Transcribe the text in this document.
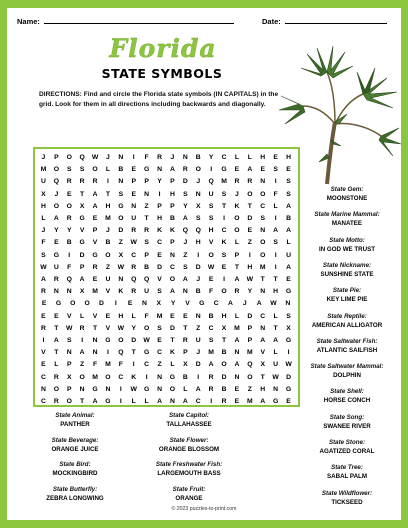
Name:	Date:
Florida
STATE SYMBOLS
DIRECTIONS: Find and circle the Florida state symbols (IN CAPITALS) in the grid. Look for them in all directions including backwards and diagonally.
J	P	O	Q	W	J	N	I	F	R	J	N	B	Y	C	L	L	H	E	H
M	O	S	S	O	L	B	E	G	N	A	R	O	I	G	E	A	E	S	E
U	Q	R	R	R	I	N	P	P	Y	P	D	J	Q	M	R	R	N	I	S
X	J	E	T	A	T	S	E	N	I	H	S	N	U	S	J	O	O	F	S
H	O	O	X	A	H	G	N	Z	P	P	Y	X	S	T	K	T	C	L	A
L	A	R	G	E	M	O	U	T	H	B	A	S	S	I	O	D	S	I	B
J	Y	Y	V	P	J	D	R	R	K	K	Q	Q	H	C	O	E	N	A	A
F	E	B	G	V	B	Z	W	S	C	P	J	H	V	K	L	Z	O	S	L
S	G	I	D	G	O	X	C	P	E	N	Z	I	O	S	P	I	O	I	U
W	U	F	P	R	Z	W	R	B	D	C	S	D	W	E	T	H	M	I	A
A	R	Q	A	E	U	N	Q	Q	V	O	A	J	E	I	A	W	T	T	E
R	N	N	X	M	V	K	R	U	S	A	N	B	F	O	R	Y	N	H	G
E	G	O	O	D	I	E	N	X	Y	V	G	C	A	J	A	W	N
E	E	V	L	V	E	H	L	F	M	E	E	N	B	H	L	D	C	L	S
R	T	W	R	T	V	W	Y	O	S	D	T	Z	C	X	M	P	N	T	X
I	A	S	I	N	G	O	D	W	E	T	R	U	S	T	A	P	A	A	G
V	T	N	A	N	I	Q	T	G	C	K	P	J	M	B	N	M	V	L	I
E	L	P	Z	F	M	F	I	C	Z	L	X	D	A	O	A	Q	X	U	W
C	R	X	O	M	O	C	K	I	N	G	B	I	R	D	N	O	T	W	D
N	O	P	N	G	N	I	W	G	N	O	L	A	R	B	E	Z	H	N	G
C	R	O	T	A	G	I	L	L	A	N	A	C	I	R	E	M	A	G	E
State Gem:
MOONSTONE
State Marine Mammal:
MANATEE
State Motto:
IN GOD WE TRUST
State Nickname:
SUNSHINE STATE
State Pie:
KEY LIME PIE
State Reptile:
AMERICAN ALLIGATOR
State Saltwater Fish:
ATLANTIC SAILFISH
State Saltwater Mammal:
DOLPHIN
State Shell:
HORSE CONCH
State Song:
SWANEE RIVER
State Stone:
AGATIZED CORAL
State Tree:
SABAL PALM
State Wildflower:
TICKSEED
State Animal:
PANTHER
State Beverage:
ORANGE JUICE
State Bird:
MOCKINGBIRD
State Butterfly:
ZEBRA LONGWING
State Capitol:
TALLAHASSEE
State Flower:
ORANGE BLOSSOM
State Freshwater Fish:
LARGEMOUTH BASS
State Fruit:
ORANGE
© 2023 puzzles-to-print.com
